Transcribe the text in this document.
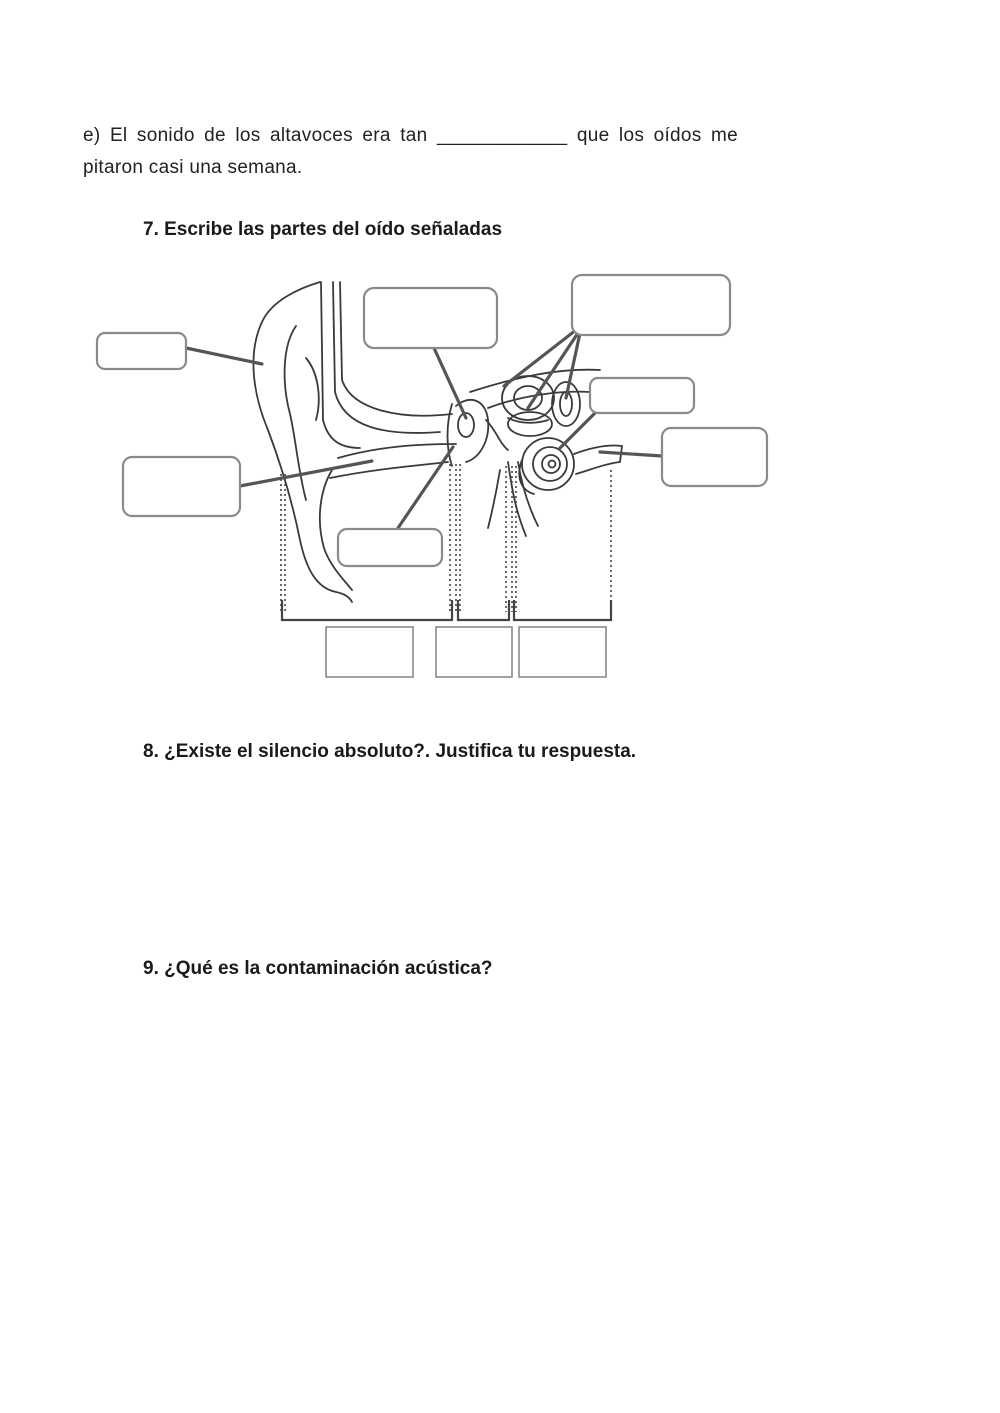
e) El sonido de los altavoces era tan ____________ que los oídos me pitaron casi una semana.
7. Escribe las partes del oído señaladas
8. ¿Existe el silencio absoluto?. Justifica tu respuesta.
9. ¿Qué es la contaminación acústica?
